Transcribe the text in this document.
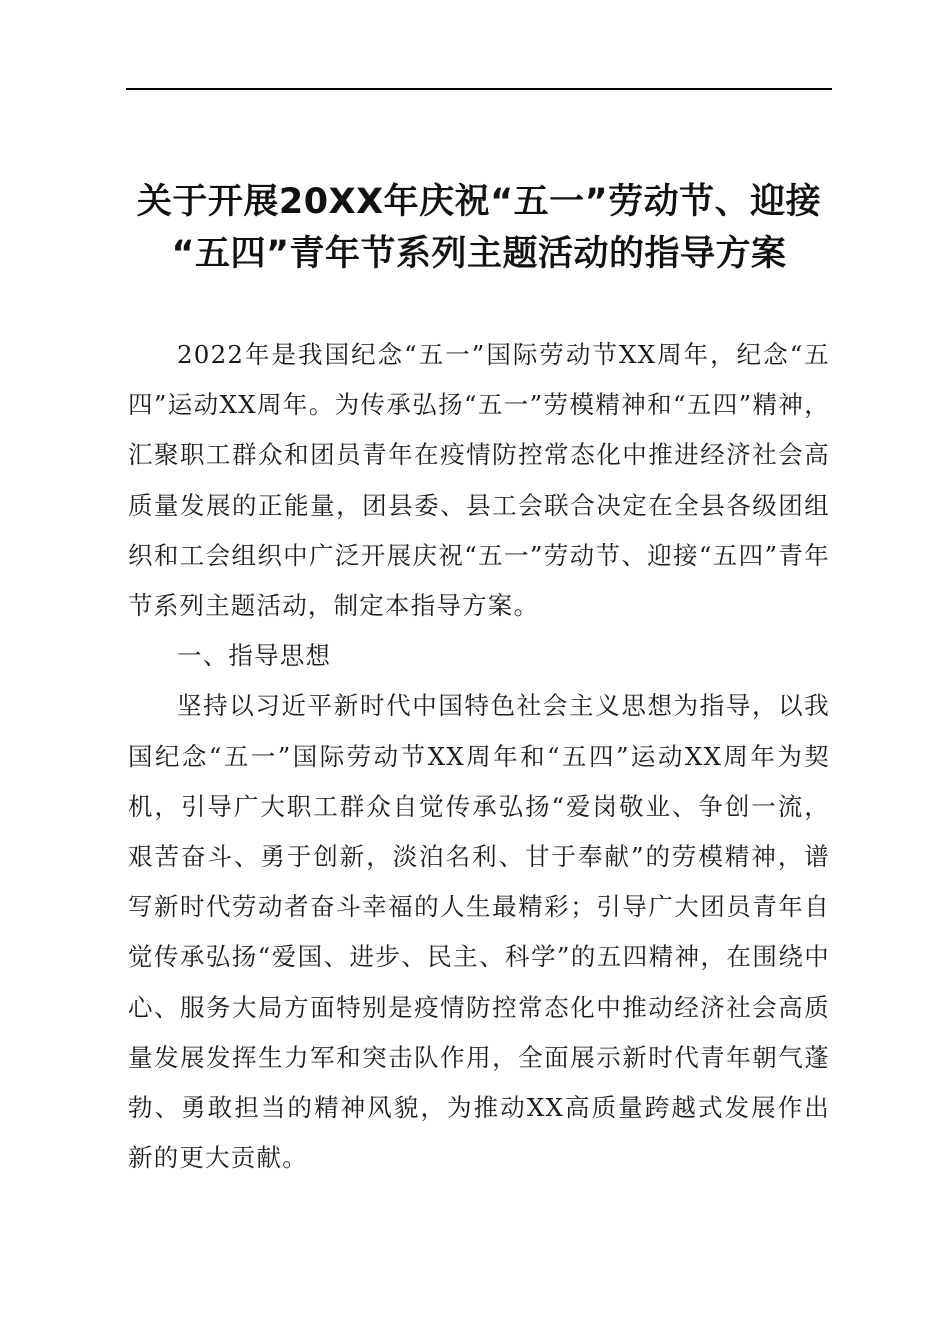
关于开展20XX年庆祝“五一”劳动节、迎接
“五四”青年节系列主题活动的指导方案

2022年是我国纪念“五一”国际劳动节XX周年，纪念“五四”运动XX周年。为传承弘扬“五一”劳模精神和“五四”精神，汇聚职工群众和团员青年在疫情防控常态化中推进经济社会高质量发展的正能量，团县委、县工会联合决定在全县各级团组织和工会组织中广泛开展庆祝“五一”劳动节、迎接“五四”青年节系列主题活动，制定本指导方案。

一、指导思想

坚持以习近平新时代中国特色社会主义思想为指导，以我国纪念“五一”国际劳动节XX周年和“五四”运动XX周年为契机，引导广大职工群众自觉传承弘扬“爱岗敬业、争创一流，艰苦奋斗、勇于创新，淡泊名利、甘于奉献”的劳模精神，谱写新时代劳动者奋斗幸福的人生最精彩；引导广大团员青年自觉传承弘扬“爱国、进步、民主、科学”的五四精神，在围绕中心、服务大局方面特别是疫情防控常态化中推动经济社会高质量发展发挥生力军和突击队作用，全面展示新时代青年朝气蓬勃、勇敢担当的精神风貌，为推动XX高质量跨越式发展作出新的更大贡献。
